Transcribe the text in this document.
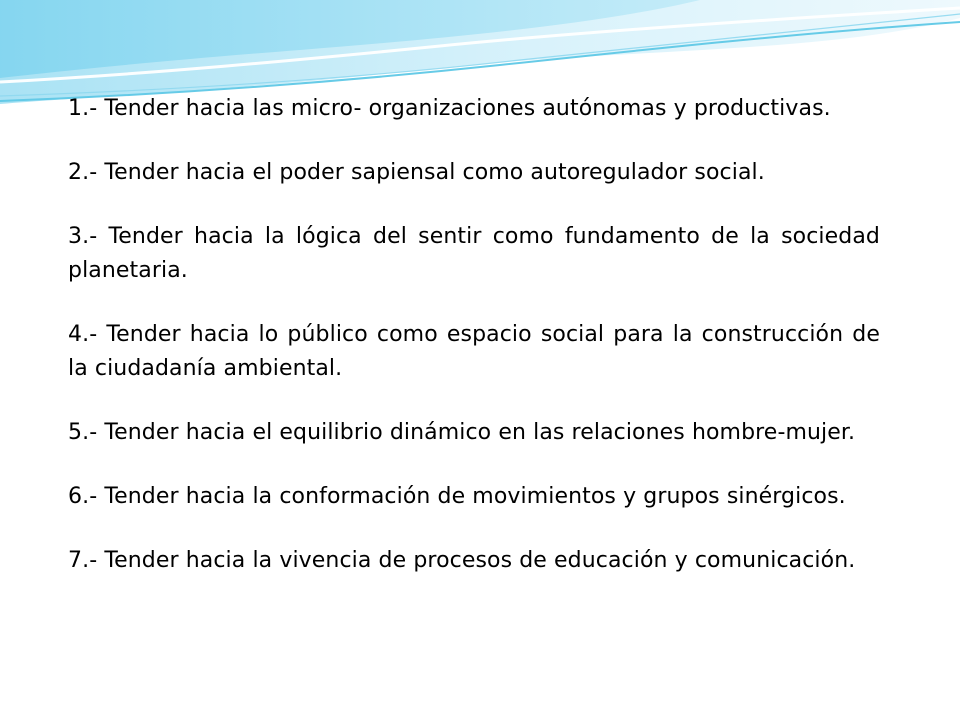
1.- Tender hacia las micro- organizaciones autónomas y productivas.

2.- Tender hacia el poder sapiensal como autoregulador social.

3.- Tender hacia la lógica del sentir como fundamento de la sociedad planetaria.

4.- Tender hacia lo público como espacio social para la construcción de la ciudadanía ambiental.

5.- Tender hacia el equilibrio dinámico en las relaciones hombre-mujer.

6.- Tender hacia la conformación de movimientos y grupos sinérgicos.

7.- Tender hacia la vivencia de procesos de educación y comunicación.
